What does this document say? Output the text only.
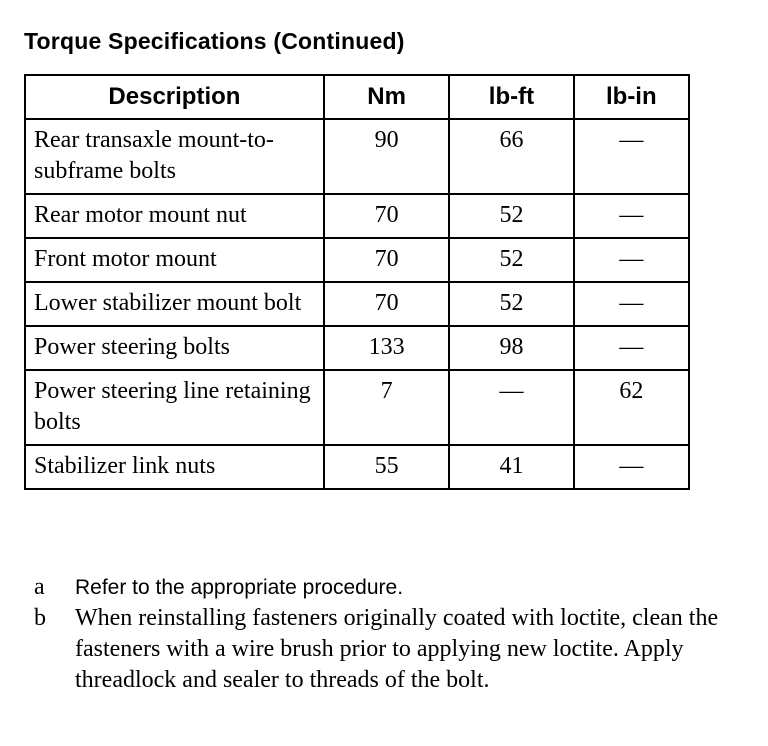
Torque Specifications (Continued)
Description	Nm	lb-ft	lb-in
Rear transaxle mount-to-subframe bolts	90	66	—
Rear motor mount nut	70	52	—
Front motor mount	70	52	—
Lower stabilizer mount bolt	70	52	—
Power steering bolts	133	98	—
Power steering line retaining bolts	7	—	62
Stabilizer link nuts	55	41	—
a	Refer to the appropriate procedure.
b	When reinstalling fasteners originally coated with loctite, clean the fasteners with a wire brush prior to applying new loctite. Apply threadlock and sealer to threads of the bolt.
